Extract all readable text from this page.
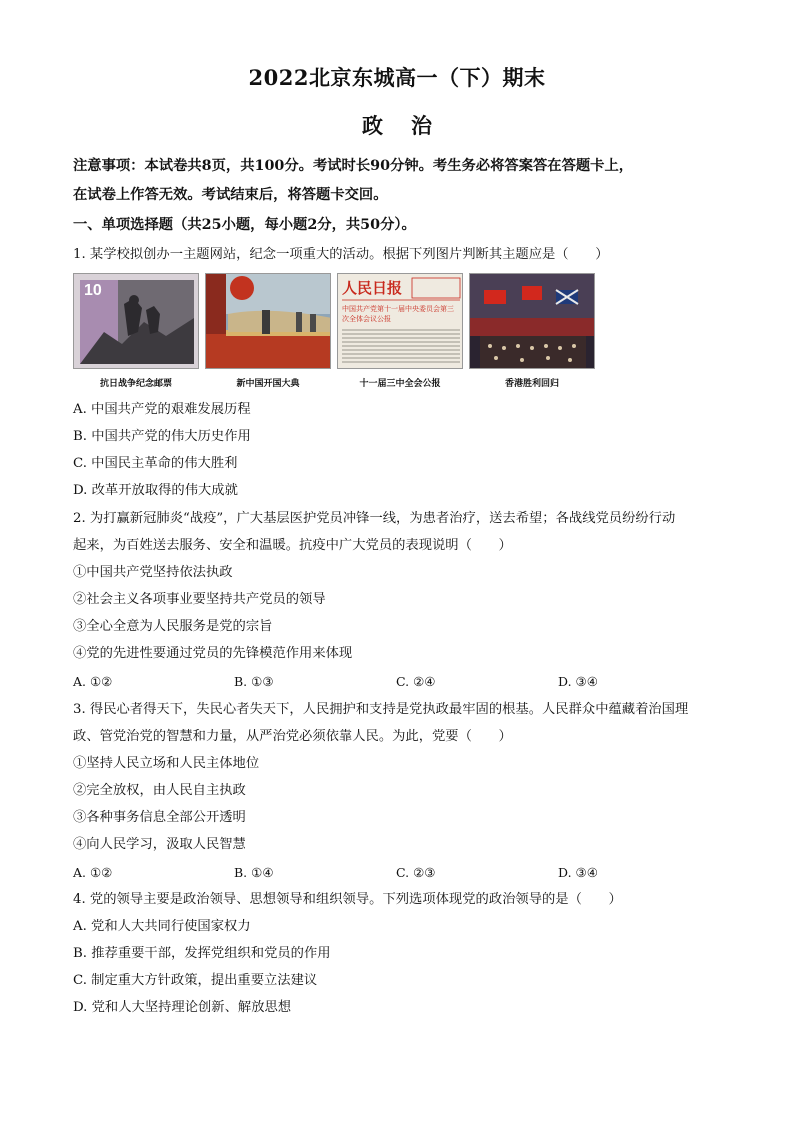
2022北京东城高一（下）期末
政治
注意事项：本试卷共8页，共100分。考试时长90分钟。考生务必将答案答在答题卡上，
在试卷上作答无效。考试结束后，将答题卡交回。
一、单项选择题（共25小题，每小题2分，共50分）。
1. 某学校拟创办一主题网站，纪念一项重大的活动。根据下列图片判断其主题应是（　　）
10	人民日报
中国共产党第十一届中央委员会第三次全体会议公报
抗日战争纪念邮票	新中国开国大典	十一届三中全会公报	香港胜利回归
A. 中国共产党的艰难发展历程
B. 中国共产党的伟大历史作用
C. 中国民主革命的伟大胜利
D. 改革开放取得的伟大成就
2. 为打赢新冠肺炎“战疫”，广大基层医护党员冲锋一线，为患者治疗，送去希望；各战线党员纷纷行动
起来，为百姓送去服务、安全和温暖。抗疫中广大党员的表现说明（　　）
①中国共产党坚持依法执政
②社会主义各项事业要坚持共产党员的领导
③全心全意为人民服务是党的宗旨
④党的先进性要通过党员的先锋模范作用来体现
A. ①②	B. ①③	C. ②④	D. ③④
3. 得民心者得天下，失民心者失天下，人民拥护和支持是党执政最牢固的根基。人民群众中蕴藏着治国理
政、管党治党的智慧和力量，从严治党必须依靠人民。为此，党要（　　）
①坚持人民立场和人民主体地位
②完全放权，由人民自主执政
③各种事务信息全部公开透明
④向人民学习，汲取人民智慧
A. ①②	B. ①④	C. ②③	D. ③④
4. 党的领导主要是政治领导、思想领导和组织领导。下列选项体现党的政治领导的是（　　）
A. 党和人大共同行使国家权力
B. 推荐重要干部，发挥党组织和党员的作用
C. 制定重大方针政策，提出重要立法建议
D. 党和人大坚持理论创新、解放思想
